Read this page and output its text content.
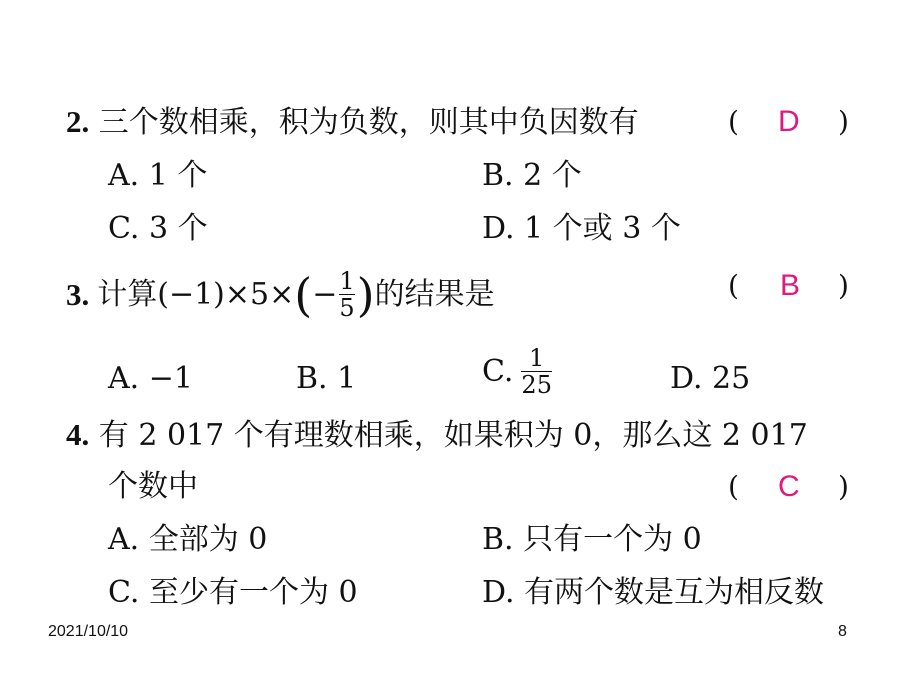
2. 三个数相乘，积为负数，则其中负因数有	( D )
A. 1 个	B. 2 个
C. 3 个	D. 1 个或 3 个
3. 计算(−1)×5× ( − $\frac{1}{5}$ ) 的结果是	( B )
A. −1	B. 1	C. $\frac{1}{25}$	D. 25
4. 有 2 017 个有理数相乘，如果积为 0，那么这 2 017
个数中	( C )
A. 全部为 0	B. 只有一个为 0
C. 至少有一个为 0	D. 有两个数是互为相反数
2021/10/10	8
